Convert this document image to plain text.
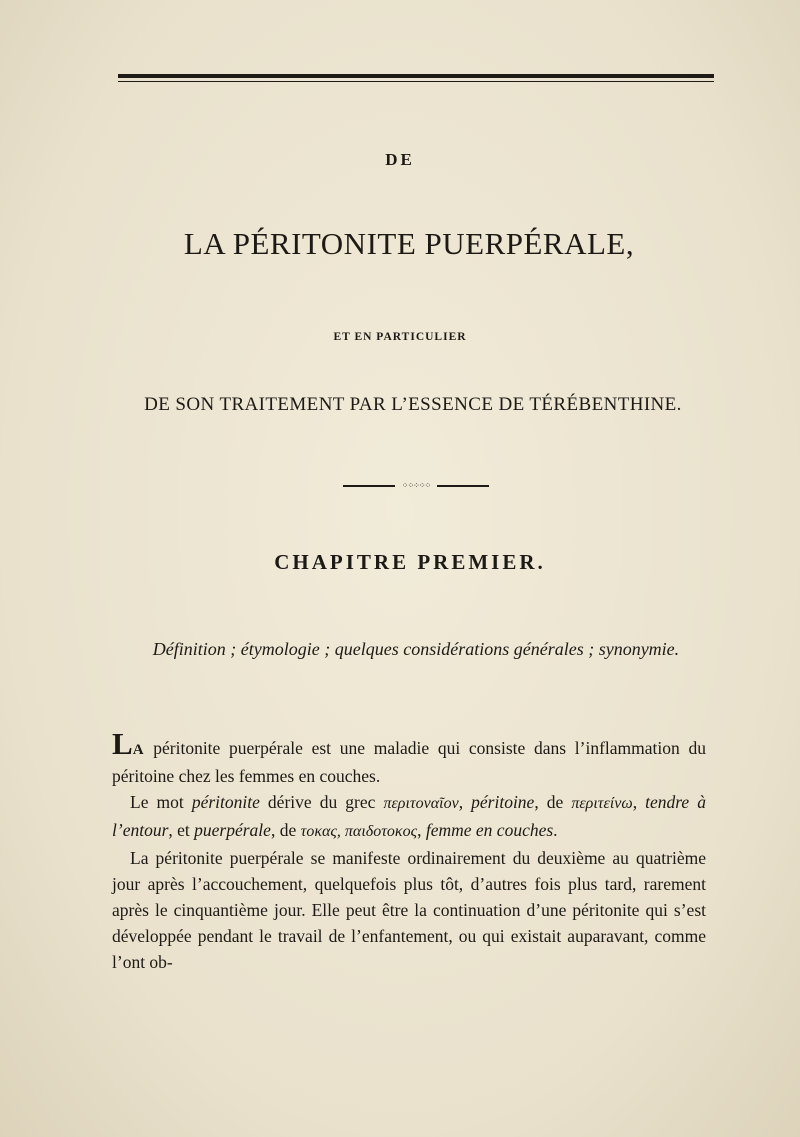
DE
LA PÉRITONITE PUERPÉRALE,
ET EN PARTICULIER
DE SON TRAITEMENT PAR L’ESSENCE DE TÉRÉBENTHINE.
⁘⁘⁘⁘⁘
CHAPITRE PREMIER.
Définition ; étymologie ; quelques considérations générales ; synonymie.

LA péritonite puerpérale est une maladie qui consiste dans l’inflammation du péritoine chez les femmes en couches.

Le mot péritonite dérive du grec περιτοναῖον, péritoine, de περιτείνω, tendre à l’entour, et puerpérale, de τοκας, παιδοτοκος, femme en couches.

La péritonite puerpérale se manifeste ordinairement du deuxième au quatrième jour après l’accouchement, quelquefois plus tôt, d’autres fois plus tard, rarement après le cinquantième jour. Elle peut être la continuation d’une péritonite qui s’est développée pendant le travail de l’enfantement, ou qui existait auparavant, comme l’ont ob-
